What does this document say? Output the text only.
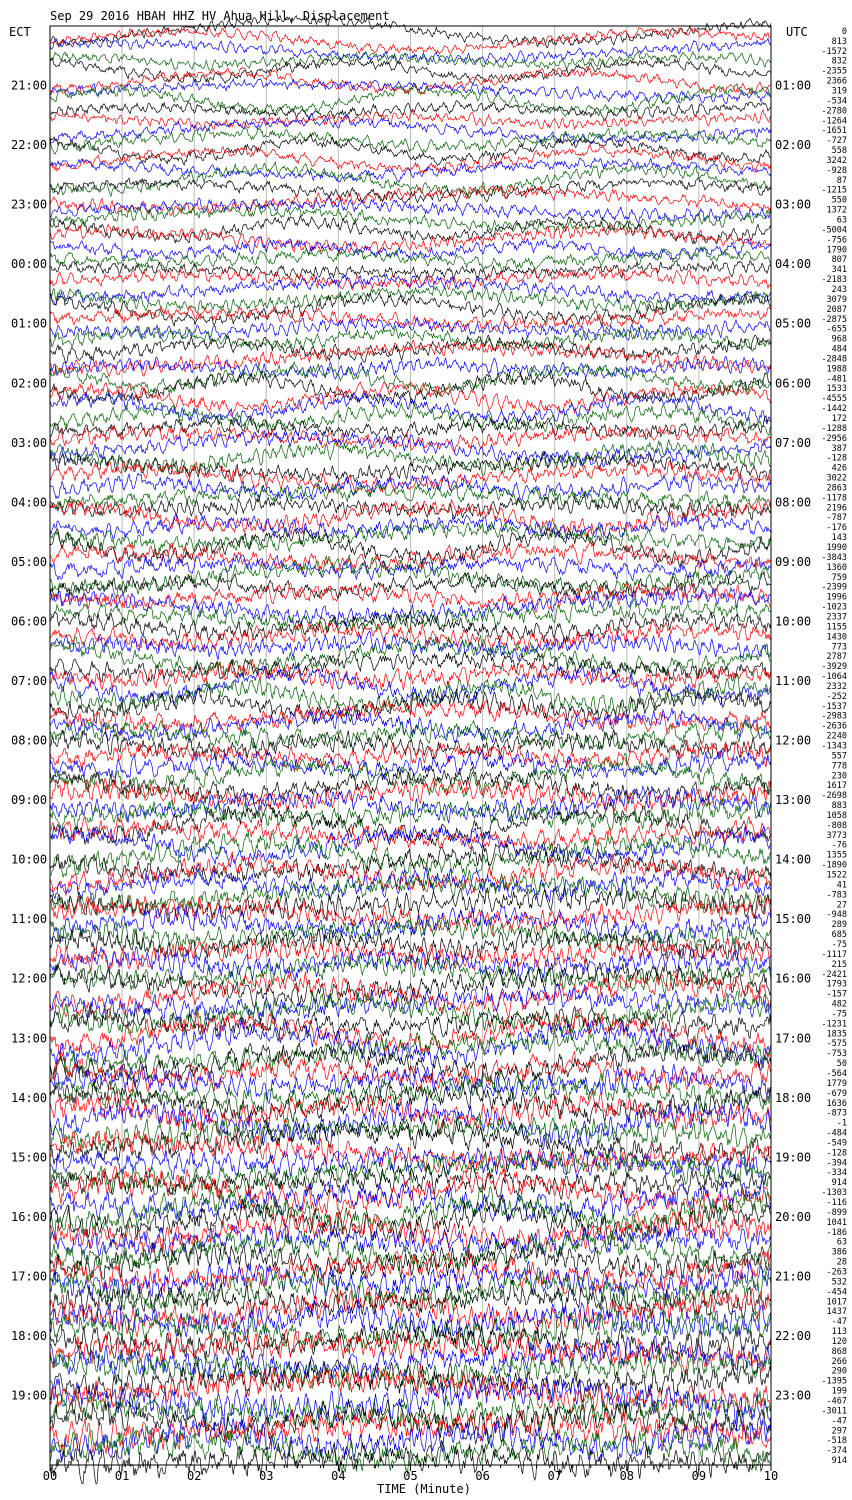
Sep 29 2016 HBAH HHZ HV Ahua Hill, Displacement
ECT	UTC
21:00
22:00
23:00
00:00
01:00
02:00
03:00
04:00
05:00
06:00
07:00
08:00
09:00
10:00
11:00
12:00
13:00
14:00
15:00
16:00
17:00
18:00
19:00
01:00
02:00
03:00
04:00
05:00
06:00
07:00
08:00
09:00
10:00
11:00
12:00
13:00
14:00
15:00
16:00
17:00
18:00
19:00
20:00
21:00
22:00
23:00
0
813
-1572
832
-2355
2366
319
-534
-2780
-1264
-1651
-727
558
3242
-928
87
-1215
550
1372
63
-5004
-756
1790
807
341
-2183
243
3079
2087
-2875
-655
968
484
-2848
1988
-481
1533
-4555
-1442
172
-1288
-2956
387
-128
426
3022
2863
-1178
2196
-787
-176
143
1990
-3843
1360
759
-2399
1996
-1023
2337
1155
1430
773
2787
-3929
-1064
2332
-252
-1537
-2983
-2636
2240
-1343
557
778
230
1617
-2698
883
1058
-808
3773
-76
1355
-1890
1522
41
-783
27
-948
289
685
-75
-1117
215
-2421
1793
-157
482
-75
-1231
1835
-575
-753
50
-564
1779
-679
1636
-873
-1
-484
-549
-128
-394
-334
914
-1303
-116
-899
1041
-186
63
386
28
-263
532
-454
1017
1437
-47
113
120
868
266
290
-1395
199
-467
-3011
-47
297
-518
-374
914
00	01	02	03	04	05	06	07	08	09	10
TIME (Minute)
